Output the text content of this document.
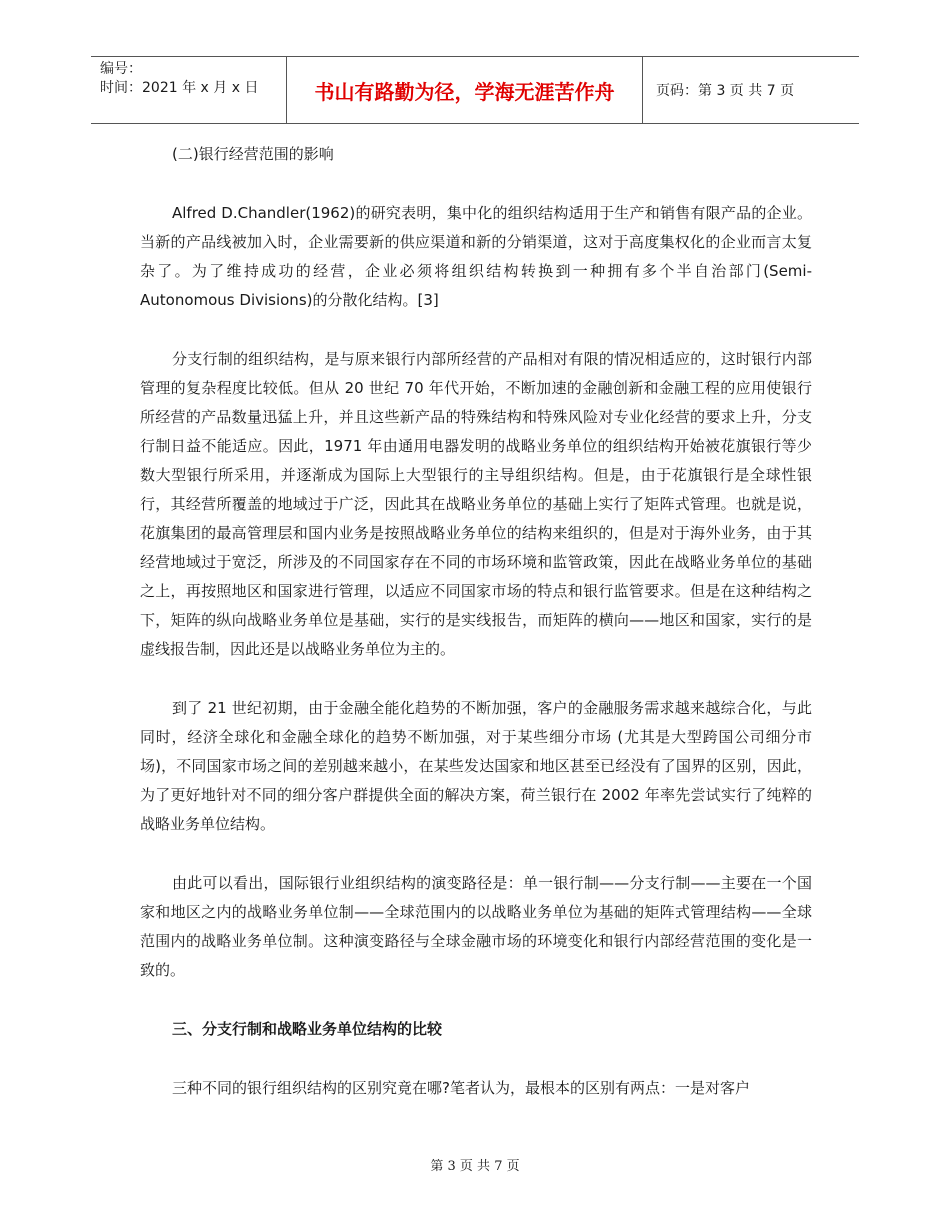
编号：
时间：2021 年 x 月 x 日	书山有路勤为径，学海无涯苦作舟	页码：第 3 页 共 7 页

(二)银行经营范围的影响

Alfred D.Chandler(1962)的研究表明，集中化的组织结构适用于生产和销售有限产品的企业。当新的产品线被加入时，企业需要新的供应渠道和新的分销渠道，这对于高度集权化的企业而言太复杂了。为了维持成功的经营，企业必须将组织结构转换到一种拥有多个半自治部门(Semi-Autonomous Divisions)的分散化结构。[3]

分支行制的组织结构，是与原来银行内部所经营的产品相对有限的情况相适应的，这时银行内部管理的复杂程度比较低。但从 20 世纪 70 年代开始，不断加速的金融创新和金融工程的应用使银行所经营的产品数量迅猛上升，并且这些新产品的特殊结构和特殊风险对专业化经营的要求上升，分支行制日益不能适应。因此，1971 年由通用电器发明的战略业务单位的组织结构开始被花旗银行等少数大型银行所采用，并逐渐成为国际上大型银行的主导组织结构。但是，由于花旗银行是全球性银行，其经营所覆盖的地域过于广泛，因此其在战略业务单位的基础上实行了矩阵式管理。也就是说，花旗集团的最高管理层和国内业务是按照战略业务单位的结构来组织的，但是对于海外业务，由于其经营地域过于宽泛，所涉及的不同国家存在不同的市场环境和监管政策，因此在战略业务单位的基础之上，再按照地区和国家进行管理，以适应不同国家市场的特点和银行监管要求。但是在这种结构之下，矩阵的纵向战略业务单位是基础，实行的是实线报告，而矩阵的横向——地区和国家，实行的是虚线报告制，因此还是以战略业务单位为主的。

到了 21 世纪初期，由于金融全能化趋势的不断加强，客户的金融服务需求越来越综合化，与此同时，经济全球化和金融全球化的趋势不断加强，对于某些细分市场 (尤其是大型跨国公司细分市场)，不同国家市场之间的差别越来越小，在某些发达国家和地区甚至已经没有了国界的区别，因此，为了更好地针对不同的细分客户群提供全面的解决方案，荷兰银行在 2002 年率先尝试实行了纯粹的战略业务单位结构。

由此可以看出，国际银行业组织结构的演变路径是：单一银行制——分支行制——主要在一个国家和地区之内的战略业务单位制——全球范围内的以战略业务单位为基础的矩阵式管理结构——全球范围内的战略业务单位制。这种演变路径与全球金融市场的环境变化和银行内部经营范围的变化是一致的。

三、分支行制和战略业务单位结构的比较

三种不同的银行组织结构的区别究竟在哪?笔者认为，最根本的区别有两点：一是对客户

第 3 页 共 7 页
